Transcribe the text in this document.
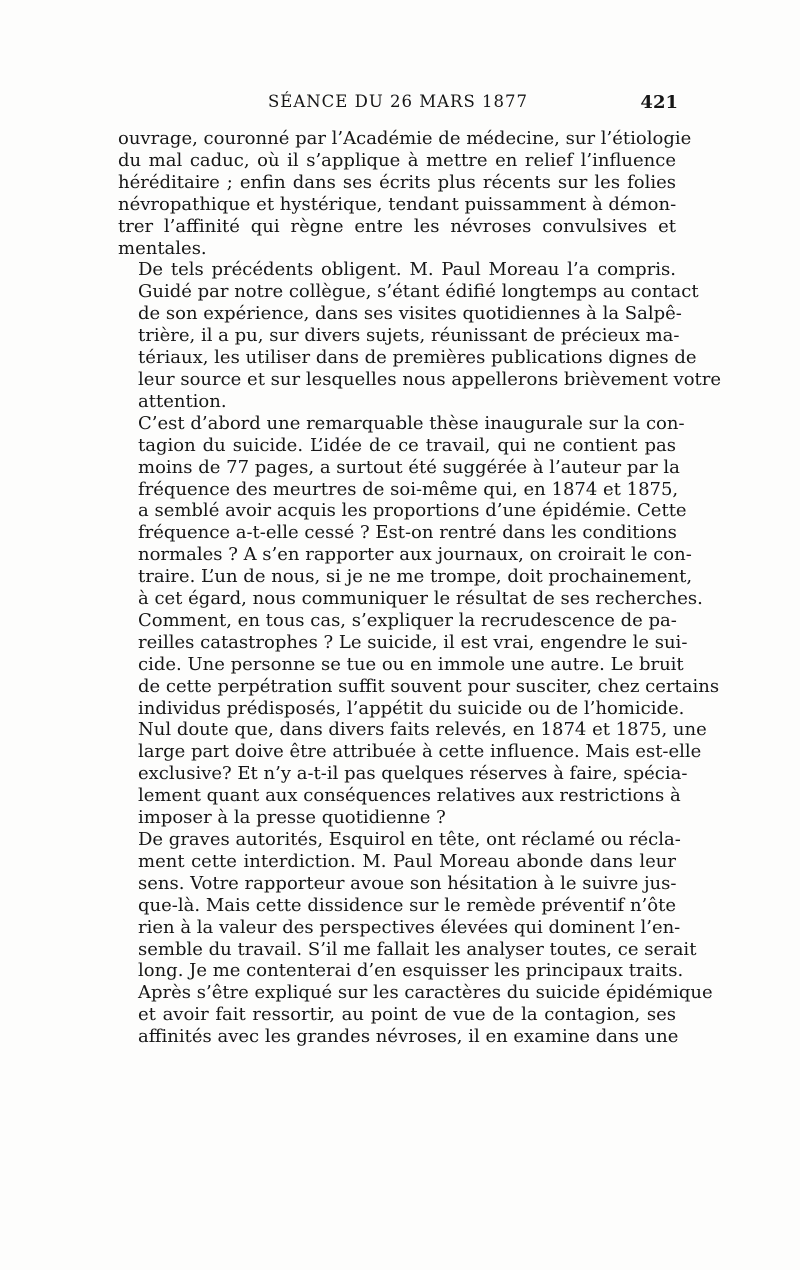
SÉANCE DU 26 MARS 1877	421

ouvrage, couronné par l’Académie de médecine, sur l’étiologie
du mal caduc, où il s’applique à mettre en relief l’influence
héréditaire ; enfin dans ses écrits plus récents sur les folies
névropathique et hystérique, tendant puissamment à démon-
trer l’affinité qui règne entre les névroses convulsives et
mentales.

De tels précédents obligent. M. Paul Moreau l’a compris.
Guidé par notre collègue, s’étant édifié longtemps au contact
de son expérience, dans ses visites quotidiennes à la Salpê-
trière, il a pu, sur divers sujets, réunissant de précieux ma-
tériaux, les utiliser dans de premières publications dignes de
leur source et sur lesquelles nous appellerons brièvement votre
attention.

C’est d’abord une remarquable thèse inaugurale sur la con-
tagion du suicide. L’idée de ce travail, qui ne contient pas
moins de 77 pages, a surtout été suggérée à l’auteur par la
fréquence des meurtres de soi-même qui, en 1874 et 1875,
a semblé avoir acquis les proportions d’une épidémie. Cette
fréquence a-t-elle cessé ? Est-on rentré dans les conditions
normales ? A s’en rapporter aux journaux, on croirait le con-
traire. L’un de nous, si je ne me trompe, doit prochainement,
à cet égard, nous communiquer le résultat de ses recherches.

Comment, en tous cas, s’expliquer la recrudescence de pa-
reilles catastrophes ? Le suicide, il est vrai, engendre le sui-
cide. Une personne se tue ou en immole une autre. Le bruit
de cette perpétration suffit souvent pour susciter, chez certains
individus prédisposés, l’appétit du suicide ou de l’homicide.
Nul doute que, dans divers faits relevés, en 1874 et 1875, une
large part doive être attribuée à cette influence. Mais est-elle
exclusive? Et n’y a-t-il pas quelques réserves à faire, spécia-
lement quant aux conséquences relatives aux restrictions à
imposer à la presse quotidienne ?

De graves autorités, Esquirol en tête, ont réclamé ou récla-
ment cette interdiction. M. Paul Moreau abonde dans leur
sens. Votre rapporteur avoue son hésitation à le suivre jus-
que-là. Mais cette dissidence sur le remède préventif n’ôte
rien à la valeur des perspectives élevées qui dominent l’en-
semble du travail. S’il me fallait les analyser toutes, ce serait
long. Je me contenterai d’en esquisser les principaux traits.

Après s’être expliqué sur les caractères du suicide épidémique
et avoir fait ressortir, au point de vue de la contagion, ses
affinités avec les grandes névroses, il en examine dans une
